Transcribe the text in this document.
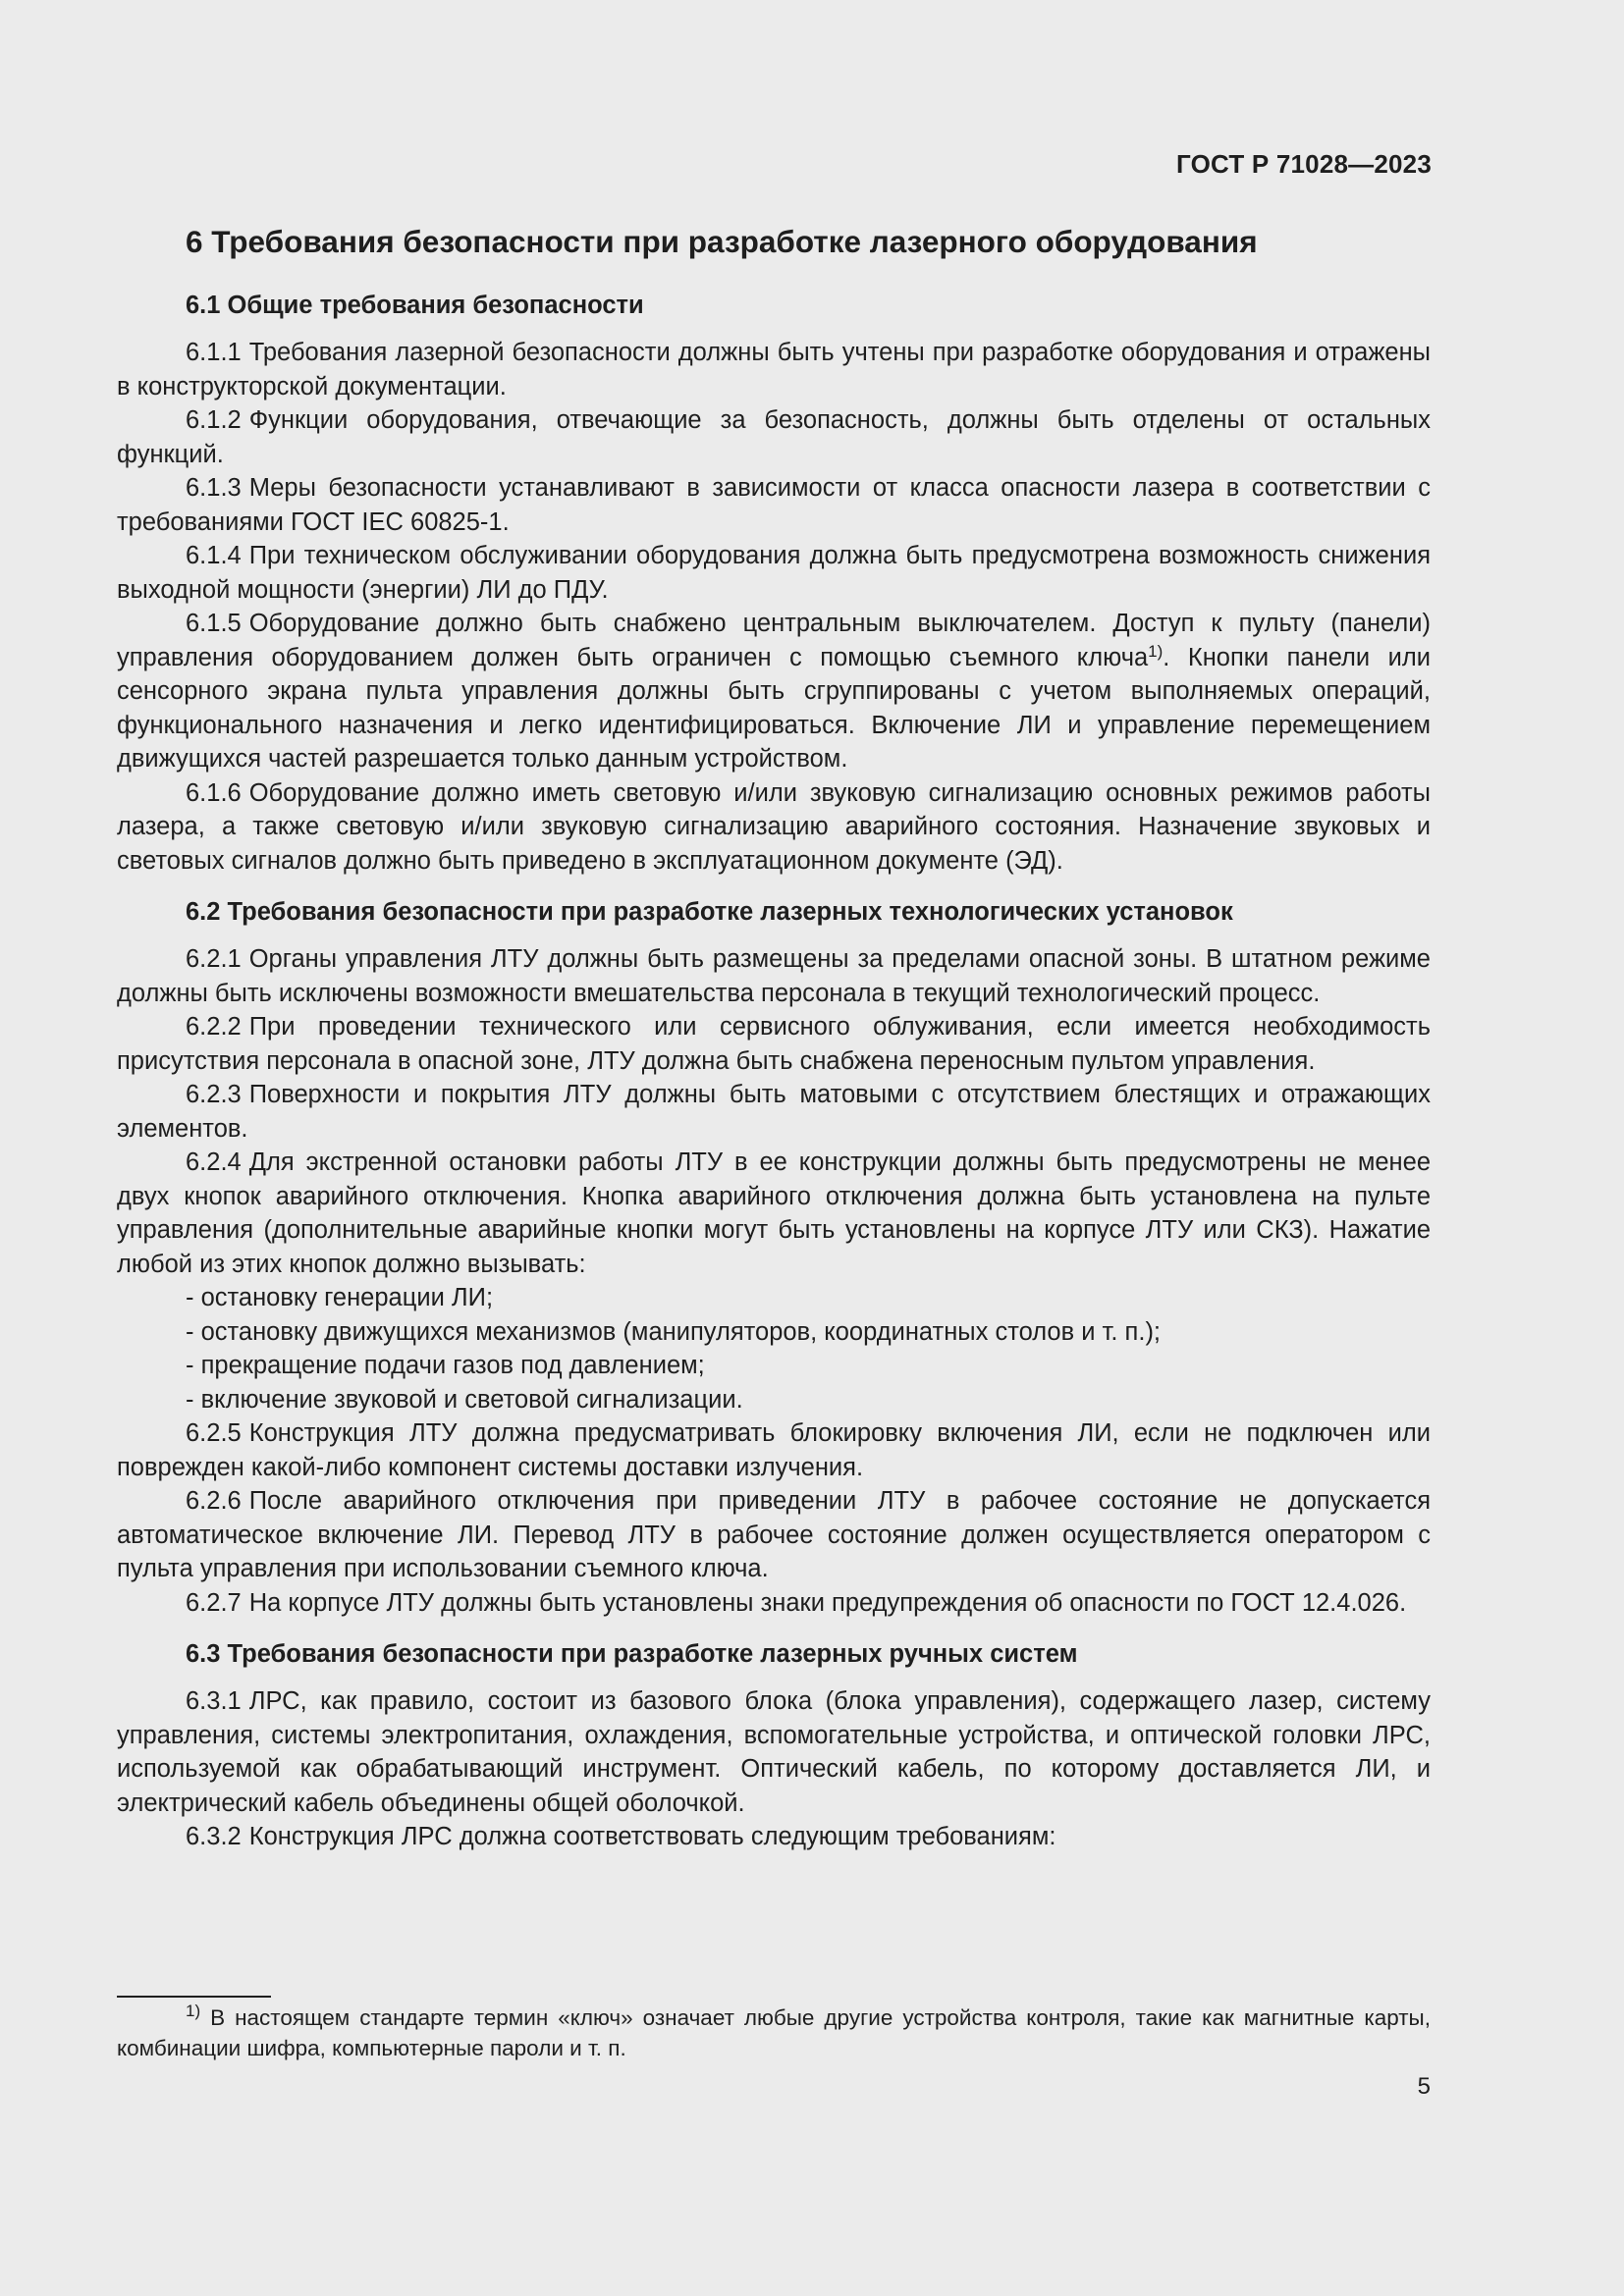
ГОСТ Р 71028—2023
6 Требования безопасности при разработке лазерного оборудования
6.1 Общие требования безопасности

6.1.1 Требования лазерной безопасности должны быть учтены при разработке оборудования и отражены в конструкторской документации.

6.1.2 Функции оборудования, отвечающие за безопасность, должны быть отделены от остальных функций.

6.1.3 Меры безопасности устанавливают в зависимости от класса опасности лазера в соответствии с требованиями ГОСТ IEC 60825-1.

6.1.4 При техническом обслуживании оборудования должна быть предусмотрена возможность снижения выходной мощности (энергии) ЛИ до ПДУ.

6.1.5 Оборудование должно быть снабжено центральным выключателем. Доступ к пульту (панели) управления оборудованием должен быть ограничен с помощью съемного ключа$^{1)}$. Кнопки панели или сенсорного экрана пульта управления должны быть сгруппированы с учетом выполняемых операций, функционального назначения и легко идентифицироваться. Включение ЛИ и управление перемещением движущихся частей разрешается только данным устройством.

6.1.6 Оборудование должно иметь световую и/или звуковую сигнализацию основных режимов работы лазера, а также световую и/или звуковую сигнализацию аварийного состояния. Назначение звуковых и световых сигналов должно быть приведено в эксплуатационном документе (ЭД).

6.2 Требования безопасности при разработке лазерных технологических установок

6.2.1 Органы управления ЛТУ должны быть размещены за пределами опасной зоны. В штатном режиме должны быть исключены возможности вмешательства персонала в текущий технологический процесс.

6.2.2 При проведении технического или сервисного облуживания, если имеется необходимость присутствия персонала в опасной зоне, ЛТУ должна быть снабжена переносным пультом управления.

6.2.3 Поверхности и покрытия ЛТУ должны быть матовыми с отсутствием блестящих и отражающих элементов.

6.2.4 Для экстренной остановки работы ЛТУ в ее конструкции должны быть предусмотрены не менее двух кнопок аварийного отключения. Кнопка аварийного отключения должна быть установлена на пульте управления (дополнительные аварийные кнопки могут быть установлены на корпусе ЛТУ или СКЗ). Нажатие любой из этих кнопок должно вызывать:

- остановку генерации ЛИ;

- остановку движущихся механизмов (манипуляторов, координатных столов и т. п.);

- прекращение подачи газов под давлением;

- включение звуковой и световой сигнализации.

6.2.5 Конструкция ЛТУ должна предусматривать блокировку включения ЛИ, если не подключен или поврежден какой-либо компонент системы доставки излучения.

6.2.6 После аварийного отключения при приведении ЛТУ в рабочее состояние не допускается автоматическое включение ЛИ. Перевод ЛТУ в рабочее состояние должен осуществляется оператором с пульта управления при использовании съемного ключа.

6.2.7 На корпусе ЛТУ должны быть установлены знаки предупреждения об опасности по ГОСТ 12.4.026.

6.3 Требования безопасности при разработке лазерных ручных систем

6.3.1 ЛРС, как правило, состоит из базового блока (блока управления), содержащего лазер, систему управления, системы электропитания, охлаждения, вспомогательные устройства, и оптической головки ЛРС, используемой как обрабатывающий инструмент. Оптический кабель, по которому доставляется ЛИ, и электрический кабель объединены общей оболочкой.

6.3.2 Конструкция ЛРС должна соответствовать следующим требованиям:

$^{1)}$ В настоящем стандарте термин «ключ» означает любые другие устройства контроля, такие как магнитные карты, комбинации шифра, компьютерные пароли и т. п.
5
